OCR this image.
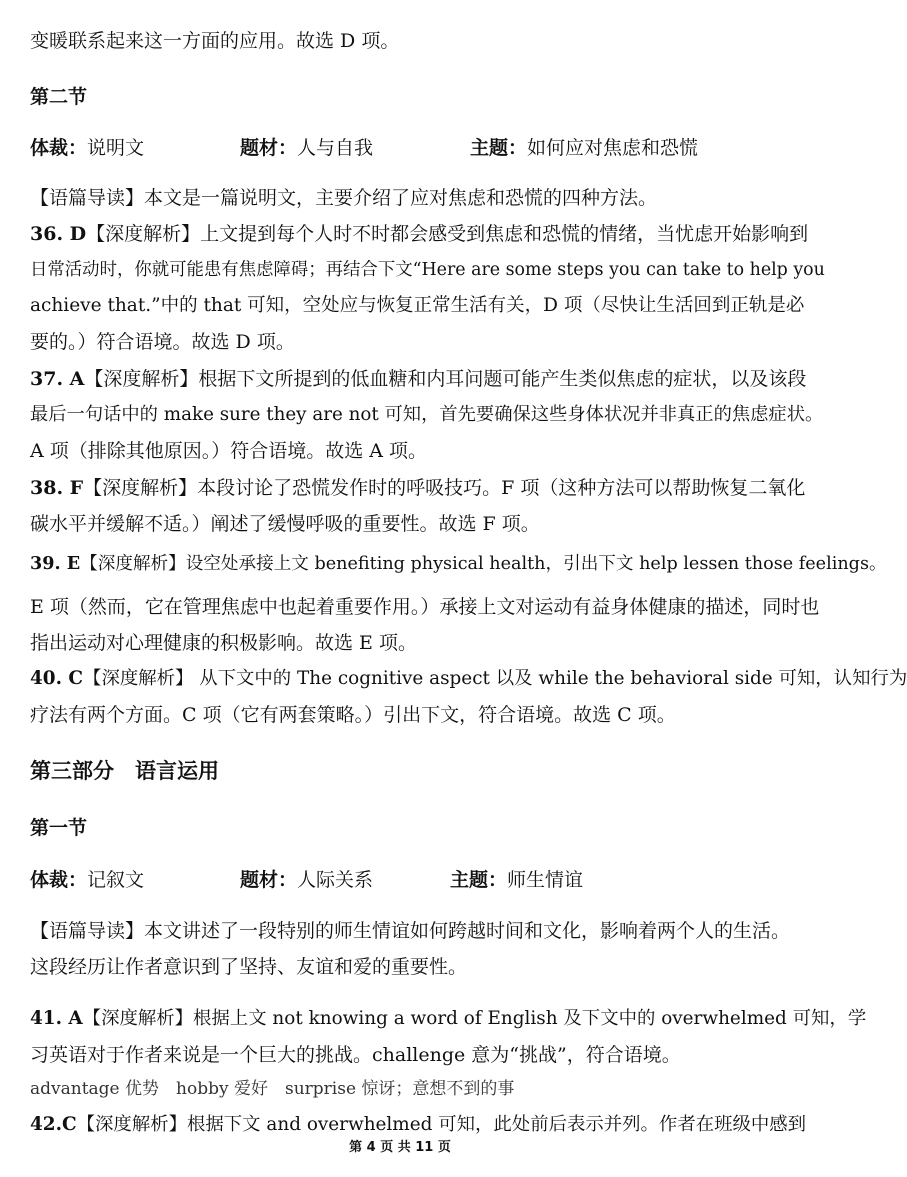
变暖联系起来这一方面的应用。故选 D 项。
第二节
体裁：说明文	题材：人与自我	主题：如何应对焦虑和恐慌
【语篇导读】本文是一篇说明文，主要介绍了应对焦虑和恐慌的四种方法。
36. D【深度解析】上文提到每个人时不时都会感受到焦虑和恐慌的情绪，当忧虑开始影响到
日常活动时，你就可能患有焦虑障碍；再结合下文“Here are some steps you can take to help you
achieve that.”中的 that 可知，空处应与恢复正常生活有关，D 项（尽快让生活回到正轨是必
要的。）符合语境。故选 D 项。
37. A【深度解析】根据下文所提到的低血糖和内耳问题可能产生类似焦虑的症状，以及该段
最后一句话中的 make sure they are not 可知，首先要确保这些身体状况并非真正的焦虑症状。
A 项（排除其他原因。）符合语境。故选 A 项。
38. F【深度解析】本段讨论了恐慌发作时的呼吸技巧。F 项（这种方法可以帮助恢复二氧化
碳水平并缓解不适。）阐述了缓慢呼吸的重要性。故选 F 项。
39. E【深度解析】设空处承接上文 benefiting physical health，引出下文 help lessen those feelings。
E 项（然而，它在管理焦虑中也起着重要作用。）承接上文对运动有益身体健康的描述，同时也
指出运动对心理健康的积极影响。故选 E 项。
40. C【深度解析】 从下文中的 The cognitive aspect 以及 while the behavioral side 可知，认知行为
疗法有两个方面。C 项（它有两套策略。）引出下文，符合语境。故选 C 项。
第三部分　语言运用
第一节
体裁：记叙文	题材：人际关系	主题：师生情谊
【语篇导读】本文讲述了一段特别的师生情谊如何跨越时间和文化，影响着两个人的生活。
这段经历让作者意识到了坚持、友谊和爱的重要性。
41. A【深度解析】根据上文 not knowing a word of English 及下文中的 overwhelmed 可知，学
习英语对于作者来说是一个巨大的挑战。challenge 意为“挑战”，符合语境。
advantage 优势　hobby 爱好　surprise 惊讶；意想不到的事
42.C【深度解析】根据下文 and overwhelmed 可知，此处前后表示并列。作者在班级中感到
第 4 页 共 11 页
